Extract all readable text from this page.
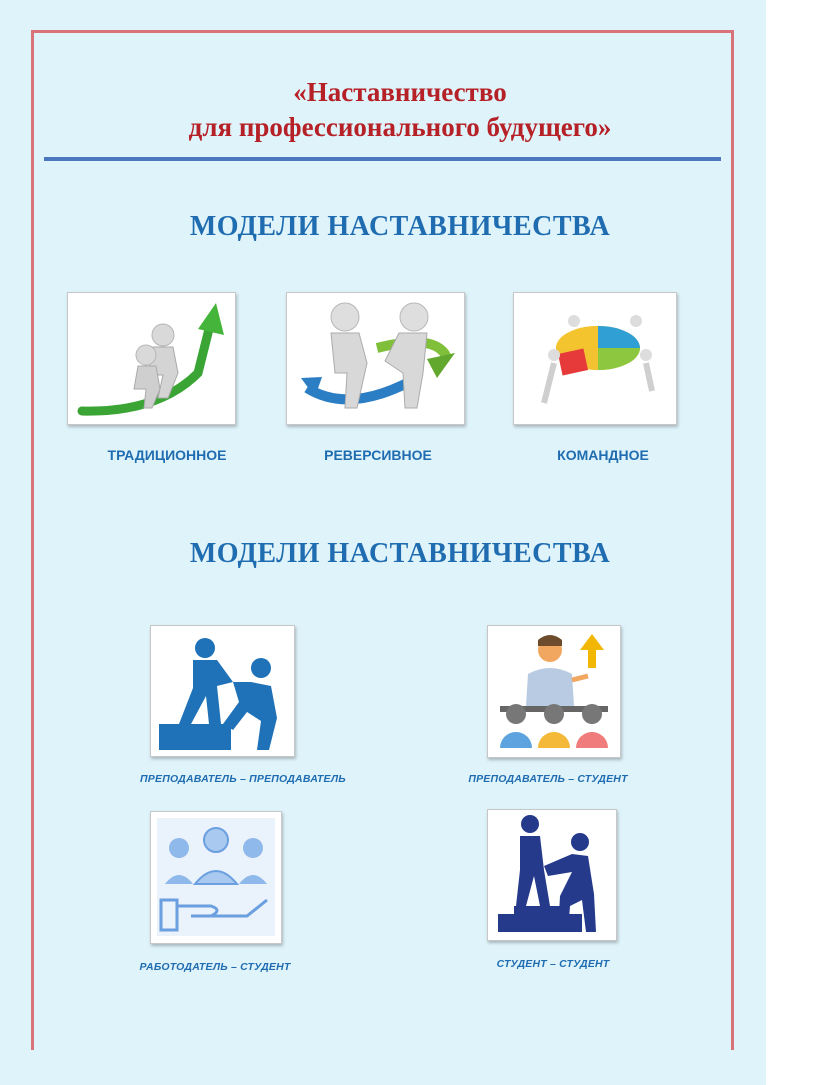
«Наставничество
для профессионального будущего»
МОДЕЛИ НАСТАВНИЧЕСТВА
ТРАДИЦИОННОЕ	РЕВЕРСИВНОЕ	КОМАНДНОЕ
МОДЕЛИ НАСТАВНИЧЕСТВА
ПРЕПОДАВАТЕЛЬ – ПРЕПОДАВАТЕЛЬ	ПРЕПОДАВАТЕЛЬ – СТУДЕНТ
РАБОТОДАТЕЛЬ – СТУДЕНТ	СТУДЕНТ – СТУДЕНТ
